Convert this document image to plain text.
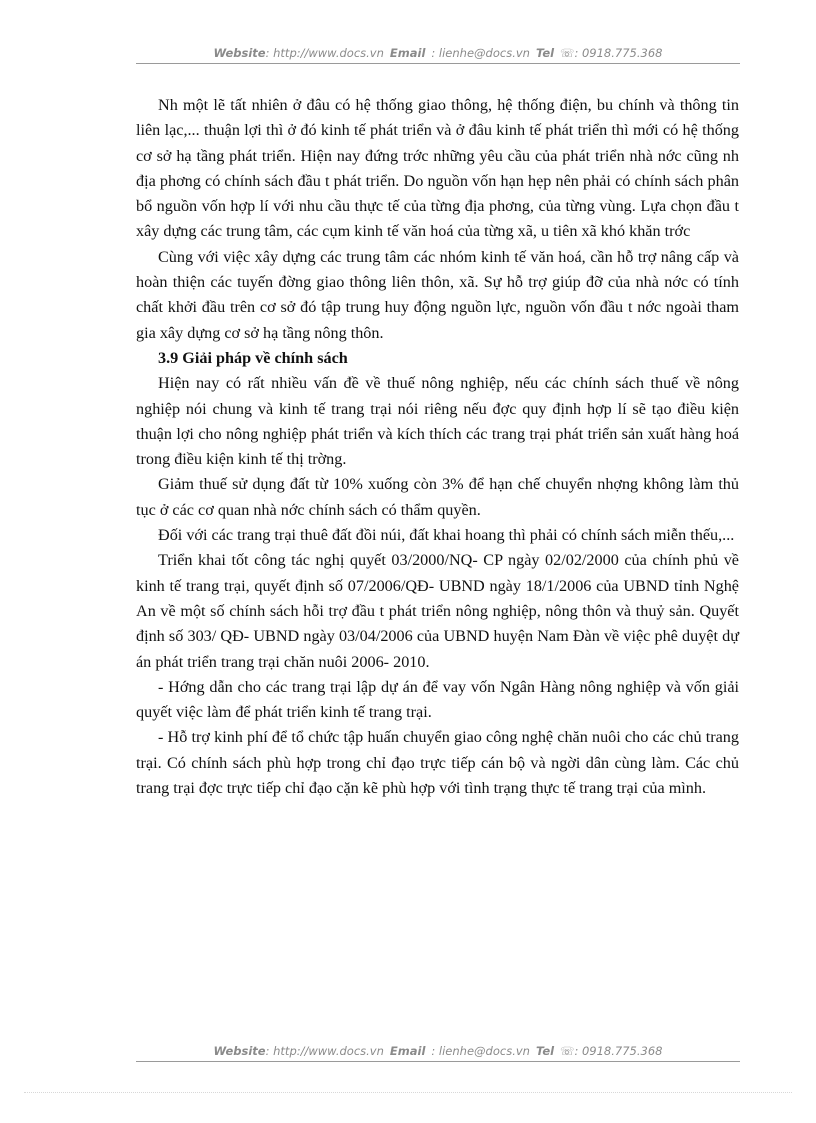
Website: http://www.docs.vn Email : lienhe@docs.vn Tel ☏: 0918.775.368

Nh một lẽ tất nhiên ở đâu có hệ thống giao thông, hệ thống điện, bu chính và thông tin liên lạc,... thuận lợi thì ở đó kinh tế phát triển và ở đâu kinh tế phát triển thì mới có hệ thống cơ sở hạ tầng phát triển. Hiện nay đứng trớc những yêu cầu của phát triển nhà nớc cũng nh địa phơng có chính sách đầu t phát triển. Do nguồn vốn hạn hẹp nên phải có chính sách phân bổ nguồn vốn hợp lí với nhu cầu thực tế của từng địa phơng, của từng vùng. Lựa chọn đầu t xây dựng các trung tâm, các cụm kinh tế văn hoá của từng xã, u tiên xã khó khăn trớc

Cùng với việc xây dựng các trung tâm các nhóm kinh tế văn hoá, cần hỗ trợ nâng cấp và hoàn thiện các tuyến đờng giao thông liên thôn, xã. Sự hỗ trợ giúp đỡ của nhà nớc có tính chất khởi đầu trên cơ sở đó tập trung huy động nguồn lực, nguồn vốn đầu t nớc ngoài tham gia xây dựng cơ sở hạ tầng nông thôn.

3.9 Giải pháp về chính sách

Hiện nay có rất nhiều vấn đề về thuế nông nghiệp, nếu các chính sách thuế về nông nghiệp nói chung và kinh tế trang trại nói riêng nếu đợc quy định hợp lí sẽ tạo điều kiện thuận lợi cho nông nghiệp phát triển và kích thích các trang trại phát triển sản xuất hàng hoá trong điều kiện kinh tế thị trờng.

Giảm thuế sử dụng đất từ 10% xuống còn 3% để hạn chế chuyển nhợng không làm thủ tục ở các cơ quan nhà nớc chính sách có thẩm quyền.

Đối với các trang trại thuê đất đồi núi, đất khai hoang thì phải có chính sách miễn thếu,...

Triển khai tốt công tác nghị quyết 03/2000/NQ- CP ngày 02/02/2000 của chính phủ về kinh tế trang trại, quyết định số 07/2006/QĐ- UBND ngày 18/1/2006 của UBND tỉnh Nghệ An về một số chính sách hỗi trợ đầu t phát triển nông nghiệp, nông thôn và thuỷ sản. Quyết định số 303/ QĐ- UBND ngày 03/04/2006 của UBND huyện Nam Đàn về việc phê duyệt dự án phát triển trang trại chăn nuôi 2006- 2010.

- Hớng dẫn cho các trang trại lập dự án để vay vốn Ngân Hàng nông nghiệp và vốn giải quyết việc làm để phát triển kinh tế trang trại.

- Hỗ trợ kinh phí để tổ chức tập huấn chuyển giao công nghệ chăn nuôi cho các chủ trang trại. Có chính sách phù hợp trong chỉ đạo trực tiếp cán bộ và ngời dân cùng làm. Các chủ trang trại đợc trực tiếp chỉ đạo cặn kẽ phù hợp với tình trạng thực tế trang trại của mình.

Website: http://www.docs.vn Email : lienhe@docs.vn Tel ☏: 0918.775.368
